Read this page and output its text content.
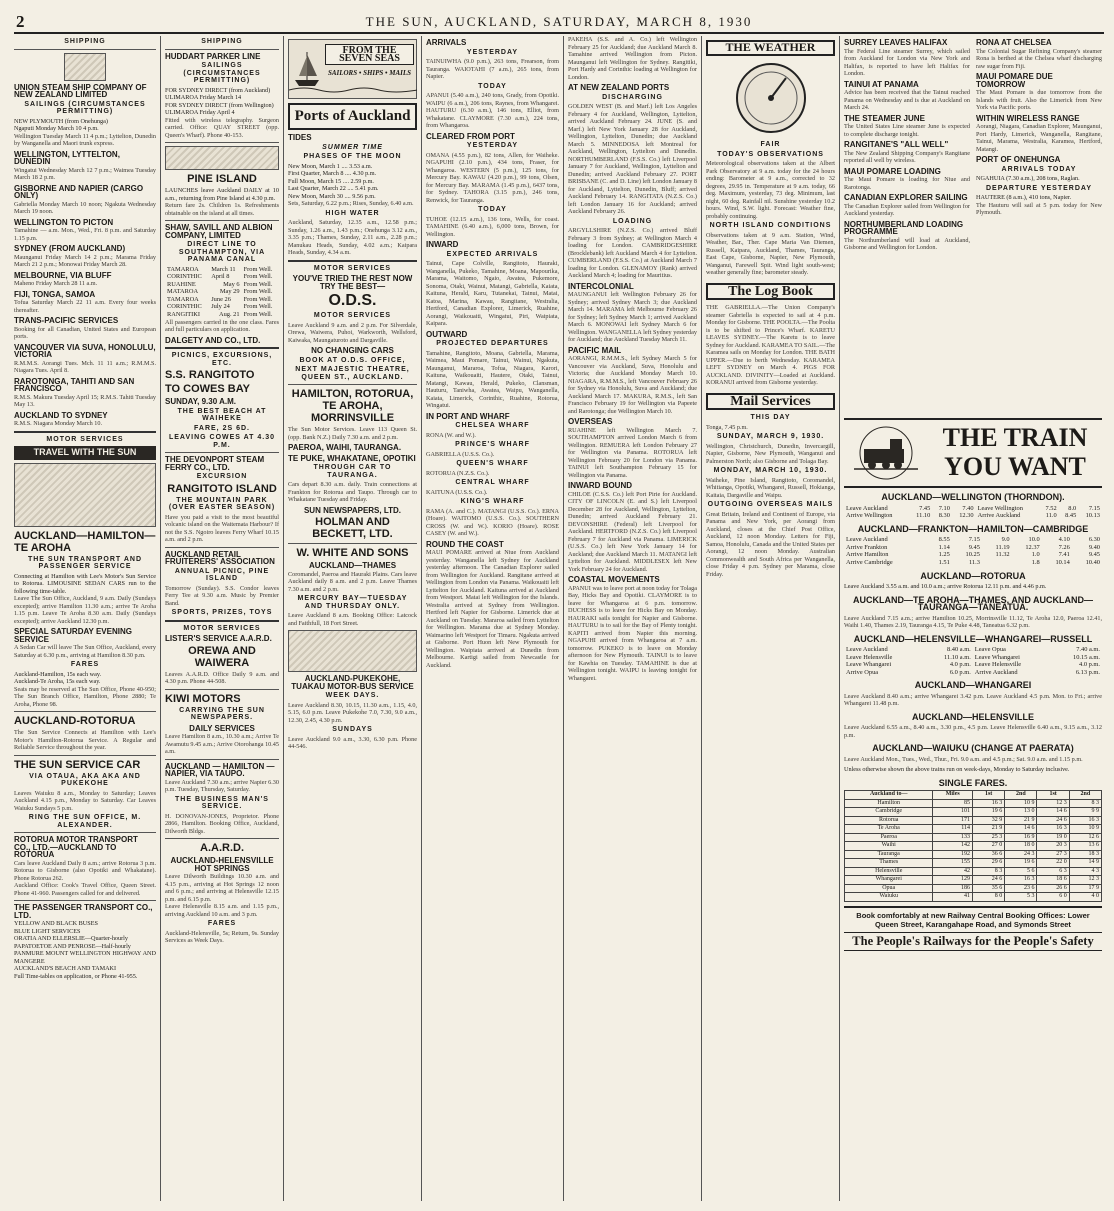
2	THE SUN, AUCKLAND, SATURDAY, MARCH 8, 1930
SHIPPING
UNION STEAM SHIP COMPANY OF NEW ZEALAND LIMITED
SAILINGS (CIRCUMSTANCES PERMITTING)
NEW PLYMOUTH (from Onehunga)
Ngaputi Monday March 10 4 p.m.
Wellington Tuesday March 11 4 p.m.; Lyttelton, Dunedin by Wanganella and Maori trunk express.
WELLINGTON, LYTTELTON, DUNEDIN
Wingatui Wednesday March 12 7 p.m.; Waimea Tuesday March 18 2 p.m.
GISBORNE AND NAPIER (CARGO ONLY)
Gabriella Monday March 10 noon; Ngakuta Wednesday March 19 noon.
WELLINGTON TO PICTON
Tamahine — a.m. Mon., Wed., Fri. 8 p.m. and Saturday 1.15 p.m.
SYDNEY (FROM AUCKLAND)
Maunganui Friday March 14 2 p.m.; Marama Friday March 21 2 p.m.; Monowai Friday March 28.
MELBOURNE, VIA BLUFF
Maheno Friday March 28 11 a.m.
FIJI, TONGA, SAMOA
Tofua Saturday March 22 11 a.m. Every four weeks thereafter.
TRANS-PACIFIC SERVICES
Booking for all Canadian, United States and European ports.
VANCOUVER VIA SUVA, HONOLULU, VICTORIA
R.M.M.S. Aorangi Tues. Mch. 11 11 a.m.; R.M.M.S. Niagara Tues. April 8.
RAROTONGA, TAHITI AND SAN FRANCISCO
R.M.S. Makura Tuesday April 15; R.M.S. Tahiti Tuesday May 13.
AUCKLAND TO SYDNEY
R.M.S. Niagara Monday March 10.
MOTOR SERVICES
TRAVEL WITH THE SUN
AUCKLAND—HAMILTON—TE AROHA
THE SUN TRANSPORT AND PASSENGER SERVICE
Connecting at Hamilton with Lee's Motor's Sun Service to Rotorua. LIMOUSINE SEDAN CARS run to the following time-table.
Leave The Sun Office, Auckland, 9 a.m. Daily (Sundays excepted); arrive Hamilton 11.30 a.m.; arrive Te Aroha 1.15 p.m. Leave Te Aroha 8.30 a.m. Daily (Sundays excepted); arrive Auckland 12.30 p.m.
SPECIAL SATURDAY EVENING SERVICE
A Sedan Car will leave The Sun Office, Auckland, every Saturday at 6.30 p.m., arriving at Hamilton 8.30 p.m.
FARES
Auckland-Hamilton, 15s each way.
Auckland-Te Aroha, 15s each way.
Seats may be reserved at The Sun Office, Phone 40-950; The Sun Branch Office, Hamilton, Phone 2880; Te Aroha, Phone 98.
AUCKLAND-ROTORUA
The Sun Service Connects at Hamilton with Lee's Motor's Hamilton-Rotorua Service. A Regular and Reliable Service throughout the year.
THE SUN SERVICE CAR
VIA OTAUA, AKA AKA AND PUKEKOHE
Leaves Waiuku 8 a.m., Monday to Saturday; Leaves Auckland 4.15 p.m., Monday to Saturday. Car Leaves Waiuku Sundays 5 p.m.
RING THE SUN OFFICE, M. ALEXANDER.
ROTORUA MOTOR TRANSPORT CO., LTD.—AUCKLAND TO ROTORUA
Cars leave Auckland Daily 8 a.m.; arrive Rotorua 3 p.m. Rotorua to Gisborne (also Opotiki and Whakatane). Phone Rotorua 262.
Auckland Office: Cook's Travel Office, Queen Street. Phone 41-960. Passengers called for and delivered.
THE PASSENGER TRANSPORT CO., LTD.
YELLOW AND BLACK BUSES
BLUE LIGHT SERVICES
ORATIA AND ELLERSLIE—Quarter-hourly
PAPATOETOE AND PENROSE—Half-hourly
PANMURE MOUNT WELLINGTON HIGHWAY AND MANGERE
AUCKLAND'S BEACH AND TAMAKI
Full Time-tables on application, or Phone 41-955.
SHIPPING
HUDDART PARKER LINE
SAILINGS (CIRCUMSTANCES PERMITTING)
FOR SYDNEY DIRECT (from Auckland)
ULIMAROA Friday March 14
FOR SYDNEY DIRECT (from Wellington)
ULIMAROA Friday April 4
Fitted with wireless telegraphy. Surgeon carried. Office: QUAY STREET (opp. Queen's Wharf). Phone 40-153.
PINE ISLAND
LAUNCHES leave Auckland DAILY at 10 a.m., returning from Pine Island at 4.30 p.m.
Return fare 2s. Children 1s. Refreshments obtainable on the island at all times.
SHAW, SAVILL AND ALBION COMPANY, LIMITED
DIRECT LINE TO SOUTHAMPTON, VIA PANAMA CANAL
TAMAROA	March 11	From Well.
CORINTHIC	April 8	From Well.
RUAHINE	May 6	From Well.
MATAROA	May 29	From Well.
TAMAROA	June 26	From Well.
CORINTHIC	July 24	From Well.
RANGITIKI	Aug. 21	From Well.
All passengers carried in the one class. Fares and full particulars on application.
DALGETY AND CO., LTD.
PICNICS, EXCURSIONS, ETC.
S.S. RANGITOTO
TO COWES BAY
SUNDAY, 9.30 A.M.
THE BEST BEACH AT WAIHEKE
FARE, 2S 6D.
LEAVING COWES AT 4.30 P.M.
THE DEVONPORT STEAM FERRY CO., LTD.
EXCURSION
RANGITOTO ISLAND
THE MOUNTAIN PARK (OVER EASTER SEASON)
Have you paid a visit to the most beautiful volcanic island on the Waitemata Harbour? If not the S.S. Ngoiro leaves Ferry Wharf 10.15 a.m. and 2 p.m.
AUCKLAND RETAIL FRUITERERS' ASSOCIATION
ANNUAL PICNIC, PINE ISLAND
Tomorrow (Sunday). S.S. Condor leaves Ferry Tee at 9.30 a.m. Music by Premier Band.
SPORTS, PRIZES, TOYS
MOTOR SERVICES
LISTER'S SERVICE A.A.R.D.
OREWA AND WAIWERA
Leaves A.A.R.D. Office Daily 9 a.m. and 4.30 p.m. Phone 44-508.
KIWI MOTORS
CARRYING THE SUN NEWSPAPERS.
DAILY SERVICES
Leave Hamilton 8 a.m., 10.30 a.m.; Arrive Te Awamutu 9.45 a.m.; Arrive Otorohanga 10.45 a.m.
AUCKLAND — HAMILTON — NAPIER, VIA TAUPO.
Leave Auckland 7.30 a.m.; arrive Napier 6.30 p.m. Tuesday, Thursday, Saturday.
THE BUSINESS MAN'S SERVICE.
H. DONOVAN-JONES, Proprietor. Phone 2866, Hamilton. Booking Office, Auckland, Dilworth Bldgs.
A.A.R.D.
AUCKLAND-HELENSVILLE HOT SPRINGS
Leave Dilworth Buildings 10.30 a.m. and 4.15 p.m., arriving at Hot Springs 12 noon and 6 p.m.; and arriving at Helensville 12.15 p.m. and 6.15 p.m.
Leave Helensville 8.15 a.m. and 1.15 p.m., arriving Auckland 10 a.m. and 3 p.m.
FARES
Auckland-Helensville, 5s; Return, 9s. Sunday Services as Week Days.
FROM THE SEVEN SEAS
SAILORS • SHIPS • MAILS
Ports of Auckland
TIDES
SUMMER TIME
PHASES OF THE MOON
New Moon, March 1 .... 3.53 a.m.
First Quarter, March 8 .... 4.30 p.m.
Full Moon, March 15 .... 2.59 p.m.
Last Quarter, March 22 .... 5.41 p.m.
New Moon, March 30 .... 9.56 p.m.
Sets, Saturday, 6.22 p.m.; Rises, Sunday, 6.40 a.m.
HIGH WATER
Auckland, Saturday, 12.35 a.m., 12.58 p.m.; Sunday, 1.26 a.m., 1.43 p.m.; Onehunga 3.12 a.m., 3.35 p.m.; Thames, Sunday, 2.11 a.m., 2.28 p.m.; Manukau Heads, Sunday, 4.02 a.m.; Kaipara Heads, Sunday, 4.34 a.m.
MOTOR SERVICES
YOU'VE TRIED THE REST NOW TRY THE BEST—
O.D.S.
MOTOR SERVICES
Leave Auckland 9 a.m. and 2 p.m. For Silverdale, Orewa, Waiwera, Puhoi, Warkworth, Wellsford, Kaiwaka, Maungaturoto and Dargaville.
NO CHANGING CARS
BOOK AT O.D.S. OFFICE,
NEXT MAJESTIC THEATRE, QUEEN ST., AUCKLAND.
HAMILTON, ROTORUA, TE AROHA, MORRINSVILLE
The Sun Motor Services. Leave 113 Queen St. (opp. Bank N.Z.) Daily 7.30 a.m. and 2 p.m.
PAEROA, WAIHI, TAURANGA.
TE PUKE, WHAKATANE, OPOTIKI
THROUGH CAR TO TAURANGA.
Cars depart 8.30 a.m. daily. Train connections at Frankton for Rotorua and Taupo. Through car to Whakatane Tuesday and Friday.
SUN NEWSPAPERS, LTD.
HOLMAN AND BECKETT, LTD.
W. WHITE AND SONS
AUCKLAND—THAMES
Coromandel, Paeroa and Hauraki Plains. Cars leave Auckland daily 8 a.m. and 2 p.m. Leave Thames 7.30 a.m. and 2 p.m.
MERCURY BAY—TUESDAY AND THURSDAY ONLY.
Leave Auckland 8 a.m. Booking Office: Latcock and Faithfull, 18 Fort Street.
AUCKLAND-PUKEKOHE, TUAKAU MOTOR-BUS SERVICE
WEEK DAYS.
Leave Auckland 8.30, 10.15, 11.30 a.m., 1.15, 4.0, 5.15, 6.0 p.m. Leave Pukekohe 7.0, 7.30, 9.0 a.m., 12.30, 2.45, 4.30 p.m.
SUNDAYS
Leave Auckland 9.0 a.m., 3.30, 6.30 p.m. Phone 44-546.
ARRIVALS
YESTERDAY
TAINUIWHA (9.0 p.m.), 263 tons, Frearson, from Tauranga. WAIOTAHI (7 a.m.), 265 tons, from Napier.
TODAY
APANUI (5.40 a.m.), 240 tons, Grady, from Opotiki. WAIPU (6 a.m.), 206 tons, Raynes, from Whangarei. HAUTURU (6.30 a.m.), 146 tons, Elliot, from Whakatane. CLAYMORE (7.30 a.m.), 224 tons, from Whangaroa.
CLEARED FROM PORT
YESTERDAY
OMANA (4.55 p.m.), 82 tons, Allen, for Waiheke. NGAPUHI (2.10 p.m.), 434 tons, Fraser, for Whangaroa. WESTERN (5 p.m.), 125 tons, for Mercury Bay. KAWAU (4.20 p.m.), 99 tons, Olsen, for Mercury Bay. MARAMA (1.45 p.m.), 6437 tons, for Sydney. TAHORA (3.15 p.m.), 246 tons, Renwick, for Tauranga.
TODAY
TUHOE (12.15 a.m.), 136 tons, Wells, for coast. TAMAHINE (6.40 a.m.), 6,000 tons, Brown, for Wellington.
INWARD
EXPECTED ARRIVALS
Tainui, Cape Colville, Rangitoto, Hauraki, Wanganella, Pukeko, Tamahine, Moana, Mapourika, Marama, Waitomo, Ngaio, Awatea, Pukemore, Sonoma, Otaki, Wainui, Matangi, Gabriella, Kaiata, Kaituna, Herald, Karu, Tutanekai, Tainui, Matai, Katoa, Marina, Kawau, Rangitane, Westralia, Hertford, Canadian Explorer, Limerick, Ruahine, Aorangi, Waikouaiti, Wingatui, Piri, Waipiata, Kaipara.
OUTWARD
PROJECTED DEPARTURES
Tamahine, Rangitoto, Moana, Gabriella, Marama, Waimea, Maui Pomare, Tainui, Wainui, Ngakuta, Maunganui, Mararoa, Tofua, Niagara, Karori, Kaituna, Waikouaiti, Hautere, Otaki, Tainui, Matangi, Kawau, Herald, Pukeko, Clansman, Hauturu, Taniwha, Awatea, Waipu, Wanganella, Kaiata, Limerick, Corinthic, Ruahine, Rotorua, Wingatui.
IN PORT AND WHARF
CHELSEA WHARF
RONA (W. and W.).
PRINCE'S WHARF
GABRIELLA (U.S.S. Co.).
QUEEN'S WHARF
ROTORUA (N.Z.S. Co.).
CENTRAL WHARF
KAITUNA (U.S.S. Co.).
KING'S WHARF
RAMA (A. and C.). MATANGI (U.S.S. Co.). ERNA (Hoare). WAITOMO (U.S.S. Co.). SOUTHERN CROSS (W. and W.). KORIO (Hoare). ROSE CASEY (W. and W.).
ROUND THE COAST
MAUI POMARE arrived at Niue from Auckland yesterday. Wanganella left Sydney for Auckland yesterday afternoon. The Canadian Explorer sailed from Wellington for Auckland. Rangitane arrived at Wellington from London via Panama. Waikouaiti left Lyttelton for Auckland. Kaituna arrived at Auckland from Westport. Matai left Wellington for the Islands. Westralia arrived at Sydney from Wellington. Hertford left Napier for Gisborne. Limerick due at Auckland on Tuesday. Mararoa sailed from Lyttelton for Wellington. Marama due at Sydney Monday. Waimarino left Westport for Timaru. Ngakuta arrived at Gisborne. Port Huon left New Plymouth for Wellington. Waipiata arrived at Dunedin from Melbourne. Kartigi sailed from Newcastle for Auckland.
PAKEHA (S.S. and A. Co.) left Wellington February 25 for Auckland; due Auckland March 8. Tamahine arrived Wellington from Picton. Maunganui left Wellington for Sydney. Rangitiki, Port Hardy and Corinthic loading at Wellington for London.
AT NEW ZEALAND PORTS
DISCHARGING
GOLDEN WEST (B. and Marf.) left Los Angeles February 4 for Auckland, Wellington, Lyttelton, arrived Auckland February 24. JUNE (S. and Marf.) left New York January 28 for Auckland, Wellington, Lyttelton, Dunedin; due Auckland March 5. MINNEDOSA left Montreal for Auckland, Wellington, Lyttelton and Dunedin. NORTHUMBERLAND (F.S.S. Co.) left Liverpool January 7 for Auckland, Wellington, Lyttelton and Dunedin; arrived Auckland February 27. PORT BRISBANE (C. and D. Line) left London January 8 for Auckland, Lyttelton, Dunedin, Bluff; arrived Auckland February 14. RANGITATA (N.Z.S. Co.) left London January 16 for Auckland; arrived Auckland February 26.
LOADING
ARGYLLSHIRE (N.Z.S. Co.) arrived Bluff February 3 from Sydney; at Wellington March 4 loading for London. CAMBRIDGESHIRE (Brocklebank) left Auckland March 4 for Lyttelton. CUMBERLAND (F.S.S. Co.) at Auckland March 7 loading for London. GLENAMOY (Rank) arrived Auckland March 4; loading for Mauritius.
INTERCOLONIAL
MAUNGANUI left Wellington February 26 for Sydney; arrived Sydney March 3; due Auckland March 14. MARAMA left Melbourne February 26 for Sydney; left Sydney March 1; arrived Auckland March 6. MONOWAI left Sydney March 6 for Wellington. WANGANELLA left Sydney yesterday for Auckland; due Auckland Tuesday March 11.
PACIFIC MAIL
AORANGI, R.M.M.S., left Sydney March 5 for Vancouver via Auckland, Suva, Honolulu and Victoria; due Auckland Monday March 10. NIAGARA, R.M.M.S., left Vancouver February 26 for Sydney via Honolulu, Suva and Auckland; due Auckland March 17. MAKURA, R.M.S., left San Francisco February 19 for Wellington via Papeete and Rarotonga; due Wellington March 10.
OVERSEAS
RUAHINE left Wellington March 7. SOUTHAMPTON arrived London March 6 from Wellington. REMUERA left London February 27 for Wellington via Panama. ROTORUA left Wellington February 20 for London via Panama. TAINUI left Southampton February 15 for Wellington via Panama.
INWARD BOUND
CHILOE (C.S.S. Co.) left Port Pirie for Auckland. CITY OF LINCOLN (E. and S.) left Liverpool December 28 for Auckland, Wellington, Lyttelton, Dunedin; arrived Auckland February 21. DEVONSHIRE (Federal) left Liverpool for Auckland. HERTFORD (N.Z.S. Co.) left Liverpool February 7 for Auckland via Panama. LIMERICK (U.S.S. Co.) left New York January 14 for Auckland; due Auckland March 11. MATANGI left Lyttelton for Auckland. MIDDLESEX left New York February 24 for Auckland.
COASTAL MOVEMENTS
APANUI was to leave port at noon today for Tolaga Bay, Hicks Bay and Opotiki. CLAYMORE is to leave for Whangaroa at 6 p.m. tomorrow. DUCHESS is to leave for Hicks Bay on Monday. HAURAKI sails tonight for Napier and Gisborne. HAUTURU is to sail for the Bay of Plenty tonight. KAPITI arrived from Napier this morning. NGAPUHI arrived from Whangaroa at 7 a.m. tomorrow. PUKEKO is to leave on Monday afternoon for New Plymouth. TAINUI is to leave for Kawhia on Tuesday. TAMAHINE is due at Wellington tonight. WAIPU is leaving tonight for Whangarei.
THE WEATHER
FAIR
TODAY'S OBSERVATIONS
Meteorological observations taken at the Albert Park Observatory at 9 a.m. today for the 24 hours ending: Barometer at 9 a.m., corrected to 32 degrees, 29.95 in. Temperature at 9 a.m. today, 66 deg. Maximum, yesterday, 73 deg. Minimum, last night, 60 deg. Rainfall nil. Sunshine yesterday 10.2 hours. Wind, S.W. light. Forecast: Weather fine, probably continuing.
NORTH ISLAND CONDITIONS
Observations taken at 9 a.m. Station, Wind, Weather, Bar., Ther. Cape Maria Van Diemen, Russell, Kaipara, Auckland, Thames, Tauranga, East Cape, Gisborne, Napier, New Plymouth, Wanganui, Farewell Spit. Wind light south-west; weather generally fine; barometer steady.
The Log Book
THE GABRIELLA.—The Union Company's steamer Gabriella is expected to sail at 4 p.m. Monday for Gisborne. THE POOLTA.—The Poolta is to be shifted to Prince's Wharf. KARETU LEAVES SYDNEY.—The Karetu is to leave Sydney for Auckland. KARAMEA TO SAIL.—The Karamea sails on Monday for London. THE BATH UPPER.—Due to berth Wednesday. KARAMEA LEFT SYDNEY on March 4. PIGS FOR AUCKLAND. DIVINITY—Loaded at Auckland. KORANUI arrived from Gisborne yesterday.
Mail Services
THIS DAY
Tonga, 7.45 p.m.
SUNDAY, MARCH 9, 1930.
Wellington, Christchurch, Dunedin, Invercargill, Napier, Gisborne, New Plymouth, Wanganui and Palmerston North; also Gisborne and Tolaga Bay.
MONDAY, MARCH 10, 1930.
Waiheke, Pine Island, Rangitoto, Coromandel, Whitianga, Opotiki, Whangarei, Russell, Hokianga, Kaitaia, Dargaville and Waipu.
OUTGOING OVERSEAS MAILS
Great Britain, Ireland and Continent of Europe, via Panama and New York, per Aorangi from Auckland, closes at the Chief Post Office, Auckland, 12 noon Monday. Letters for Fiji, Samoa, Honolulu, Canada and the United States per Aorangi, 12 noon Monday. Australian Commonwealth and South Africa per Wanganella, close Friday 4 p.m. Sydney per Marama, close Friday.
SURREY LEAVES HALIFAX
The Federal Line steamer Surrey, which sailed from Auckland for London via New York and Halifax, is reported to have left Halifax for London.
TAINUI AT PANAMA
Advice has been received that the Tainui reached Panama on Wednesday and is due at Auckland on March 24.
THE STEAMER JUNE
The United States Line steamer June is expected to complete discharge tonight.
RANGITANE'S "ALL WELL"
The New Zealand Shipping Company's Rangitane reported all well by wireless.
MAUI POMARE LOADING
The Maui Pomare is loading for Niue and Rarotonga.
CANADIAN EXPLORER SAILING
The Canadian Explorer sailed from Wellington for Auckland yesterday.
NORTHUMBERLAND LOADING PROGRAMME
The Northumberland will load at Auckland, Gisborne and Wellington for London.
RONA AT CHELSEA
The Colonial Sugar Refining Company's steamer Rona is berthed at the Chelsea wharf discharging raw sugar from Fiji.
MAUI POMARE DUE TOMORROW
The Maui Pomare is due tomorrow from the Islands with fruit. Also the Limerick from New York via Pacific ports.
WITHIN WIRELESS RANGE
Aorangi, Niagara, Canadian Explorer, Maunganui, Port Hardy, Limerick, Wanganella, Rangitane, Tainui, Marama, Westralia, Karamea, Hertford, Matangi.
PORT OF ONEHUNGA
ARRIVALS TODAY
NGAHUIA (7.30 a.m.), 208 tons, Raglan.
DEPARTURE YESTERDAY
HAUTERE (8 a.m.), 410 tons, Napier.
The Hauturu will sail at 5 p.m. today for New Plymouth.
THE TRAIN
YOU WANT
AUCKLAND—WELLINGTON (THORNDON).
Leave Auckland	7.45	7.10	7.40	Leave Wellington	7.52	8.0	7.15
Arrive Wellington	11.10	8.30	12.30	Arrive Auckland	11.0	8.45	10.13
AUCKLAND—FRANKTON—HAMILTON—CAMBRIDGE
Leave Auckland	8.55	7.15	9.0	10.0	4.10	6.30
Arrive Frankton	1.14	9.45	11.19	12.37	7.26	9.40
Arrive Hamilton	1.25	10.25	11.32	1.0	7.41	9.45
Arrive Cambridge	1.51	11.3		1.8	10.14	10.40
AUCKLAND—ROTORUA
Leave Auckland 3.55 a.m. and 10.0 a.m.; arrive Rotorua 12.11 p.m. and 4.46 p.m.
AUCKLAND—TE AROHA—THAMES, AND AUCKLAND—TAURANGA—TANEATUA.
Leave Auckland 7.15 a.m.; arrive Hamilton 10.25, Morrinsville 11.12, Te Aroha 12.0, Paeroa 12.41, Waihi 1.40, Thames 2.19, Tauranga 4.15, Te Puke 4.48, Taneatua 6.32 p.m.
AUCKLAND—HELENSVILLE—WHANGAREI—RUSSELL
Leave Auckland	8.40 a.m.	Leave Opua	7.40 a.m.
Leave Helensville	11.10 a.m.	Leave Whangarei	10.15 a.m.
Leave Whangarei	4.0 p.m.	Leave Helensville	4.0 p.m.
Arrive Opua	6.0 p.m.	Arrive Auckland	6.13 p.m.
AUCKLAND—WHANGAREI
Leave Auckland 8.40 a.m.; arrive Whangarei 3.42 p.m. Leave Auckland 4.5 p.m. Mon. to Fri.; arrive Whangarei 11.48 p.m.
AUCKLAND—HELENSVILLE
Leave Auckland 6.55 a.m., 8.40 a.m., 3.30 p.m., 4.5 p.m. Leave Helensville 6.40 a.m., 9.15 a.m., 3.12 p.m.
AUCKLAND—WAIUKU (CHANGE AT PAERATA)
Leave Auckland Mon., Tues., Wed., Thur., Fri. 9.0 a.m. and 4.5 p.m.; Sat. 9.0 a.m. and 1.15 p.m.
Unless otherwise shown the above trains run on week-days, Monday to Saturday inclusive.
SINGLE FARES.
Auckland to—	Miles	1st	2nd	1st	2nd
Hamilton	85	16 3	10 9	12 3	8 3
Cambridge	101	19 6	13 0	14 6	9 9
Rotorua	171	32 9	21 9	24 6	16 3
Te Aroha	114	21 9	14 6	16 3	10 9
Paeroa	133	25 3	16 9	19 0	12 6
Waihi	142	27 0	18 0	20 3	13 6
Tauranga	192	36 6	24 3	27 3	18 3
Thames	155	29 6	19 6	22 0	14 9
Helensville	42	8 3	5 6	6 3	4 3
Whangarei	129	24 6	16 3	18 6	12 3
Opua	186	35 6	23 6	26 6	17 9
Waiuku	41	8 0	5 3	6 0	4 0
Book comfortably at new Railway Central Booking Offices: Lower Queen Street, Karangahape Road, and Symonds Street
The People's Railways for the People's Safety
